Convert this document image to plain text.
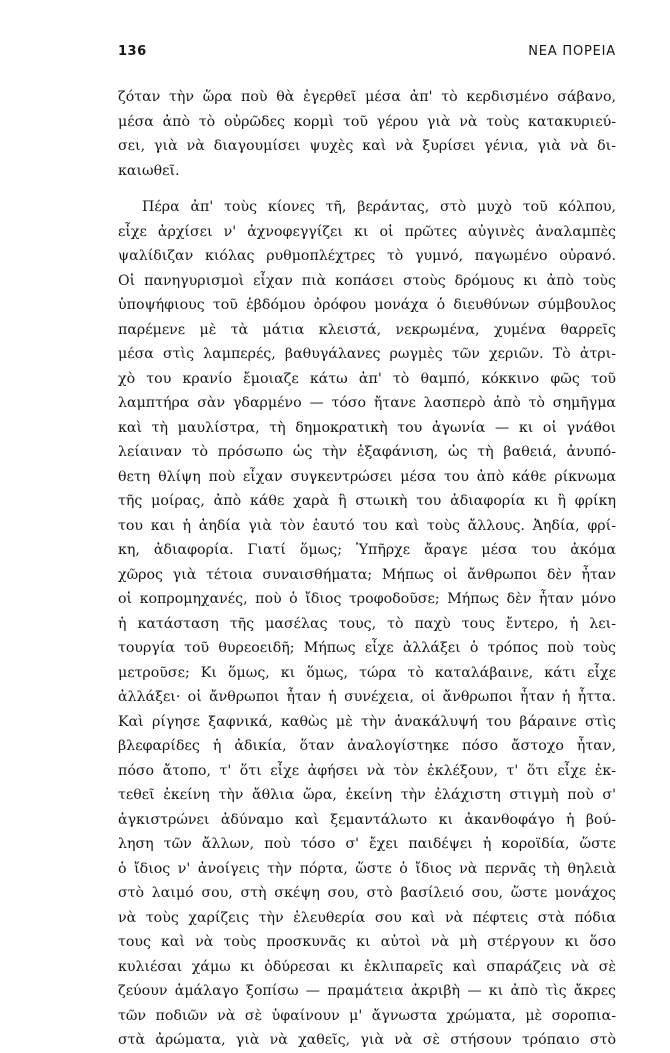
136	ΝΕΑ ΠΟΡΕΙΑ
ζόταν τὴν ὥρα ποὺ θὰ ἐγερθεῖ μέσα ἀπ' τὸ κερδισμένο σάβανο,
μέσα ἀπὸ τὸ οὐρῶδες κορμὶ τοῦ γέρου γιὰ νὰ τοὺς κατακυριεύ-
σει, γιὰ νὰ διαγουμίσει ψυχὲς καὶ νὰ ξυρίσει γένια, γιὰ νὰ δι-
καιωθεῖ.
Πέρα ἀπ' τοὺς κίονες τῆ, βεράντας, στὸ μυχὸ τοῦ κόλπου,
εἶχε ἀρχίσει ν' ἀχνοφεγγίζει κι οἱ πρῶτες αὐγινὲς ἀναλαμπὲς
ψαλίδιζαν κιόλας ρυθμοπλέχτρες τὸ γυμνό, παγωμένο οὐρανό.
Οἱ πανηγυρισμοὶ εἶχαν πιὰ κοπάσει στοὺς δρόμους κι ἀπὸ τοὺς
ὑποψήφιους τοῦ ἑβδόμου ὀρόφου μονάχα ὁ διευθύνων σύμβουλος
παρέμενε μὲ τὰ μάτια κλειστά, νεκρωμένα, χυμένα θαρρεῖς
μέσα στὶς λαμπερές, βαθυγάλανες ρωγμὲς τῶν χεριῶν. Τὸ ἀτρι-
χὸ του κρανίο ἔμοιαζε κάτω ἀπ' τὸ θαμπό, κόκκινο φῶς τοῦ
λαμπτήρα σὰν γδαρμένο — τόσο ἤτανε λασπερὸ ἀπὸ τὸ σημῆγμα
καὶ τὴ μαυλίστρα, τὴ δημοκρατικὴ του ἀγωνία — κι οἱ γνάθοι
λείαιναν τὸ πρόσωπο ὡς τὴν ἐξαφάνιση, ὡς τὴ βαθειά, ἀνυπό-
θετη θλίψη ποὺ εἶχαν συγκεντρώσει μέσα του ἀπὸ κάθε ρίκνωμα
τῆς μοίρας, ἀπὸ κάθε χαρὰ ἢ στωικὴ του ἀδιαφορία κι ἢ φρίκη
του και ἡ ἀηδία γιὰ τὸν ἑαυτό του καὶ τοὺς ἄλλους. Ἀηδία, φρί-
κη, ἀδιαφορία. Γιατί ὅμως; Ὑπῆρχε ἄραγε μέσα του ἀκόμα
χῶρος γιὰ τέτοια συναισθήματα; Μήπως οἱ ἄνθρωποι δὲν ἦταν
οἱ κοπρομηχανές, ποὺ ὁ ἴδιος τροφοδοῦσε; Μήπως δὲν ἦταν μόνο
ἡ κατάσταση τῆς μασέλας τους, τὸ παχὺ τους ἔντερο, ἡ λει-
τουργία τοῦ θυρεοειδῆ; Μήπως εἶχε ἀλλάξει ὁ τρόπος ποὺ τοὺς
μετροῦσε; Κι ὅμως, κι ὅμως, τώρα τὸ καταλάβαινε, κάτι εἶχε
ἀλλάξει· οἱ ἄνθρωποι ἦταν ἡ συνέχεια, οἱ ἄνθρωποι ἦταν ἡ ἧττα.
Καὶ ρίγησε ξαφνικά, καθὼς μὲ τὴν ἀνακάλυψή του βάραινε στὶς
βλεφαρίδες ἡ ἀδικία, ὅταν ἀναλογίστηκε πόσο ἄστοχο ἦταν,
πόσο ἄτοπο, τ' ὅτι εἶχε ἀφήσει νὰ τὸν ἐκλέξουν, τ' ὅτι εἶχε ἐκ-
τεθεῖ ἐκείνη τὴν ἄθλια ὥρα, ἐκείνη τὴν ἐλάχιστη στιγμὴ ποὺ σ'
ἀγκιστρώνει ἀδύναμο καὶ ξεμαντάλωτο κι ἀκανθοφάγο ἡ βού-
ληση τῶν ἄλλων, ποὺ τόσο σ' ἔχει παιδέψει ἡ κοροϊδία, ὥστε
ὁ ἴδιος ν' ἀνοίγεις τὴν πόρτα, ὥστε ὁ ἴδιος νὰ περνᾶς τὴ θηλειὰ
στὸ λαιμό σου, στὴ σκέψη σου, στὸ βασίλειό σου, ὥστε μονάχος
νὰ τοὺς χαρίζεις τὴν ἐλευθερία σου καὶ νὰ πέφτεις στὰ πόδια
τους καὶ νὰ τοὺς προσκυνᾶς κι αὐτοὶ νὰ μὴ στέργουν κι ὅσο
κυλιέσαι χάμω κι ὀδύρεσαι κι ἐκλιπαρεῖς καὶ σπαράζεις νὰ σὲ
ζεύουν ἁμάλαγο ξοπίσω — πραμάτεια ἀκριβὴ — κι ἀπὸ τὶς ἄκρες
τῶν ποδιῶν νὰ σὲ ὑφαίνουν μ' ἄγνωστα χρώματα, μὲ σοροπια-
στὰ ἀρώματα, γιὰ νὰ χαθεῖς, γιὰ νὰ σὲ στήσουν τρόπαιο στὸ
